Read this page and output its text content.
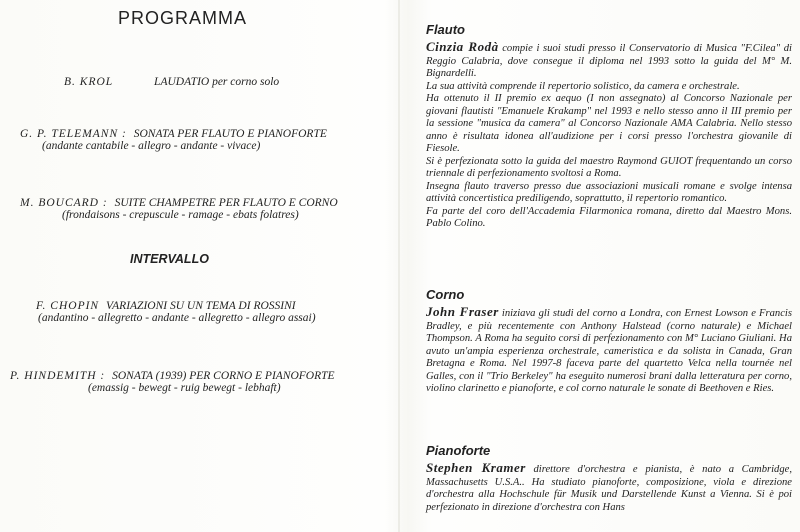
PROGRAMMA
B. KROL	LAUDATIO per corno solo
G. P. TELEMANN : SONATA PER FLAUTO E PIANOFORTE
(andante cantabile - allegro - andante - vivace)
M. BOUCARD : SUITE CHAMPETRE PER FLAUTO E CORNO
(frondaisons - crepuscule - ramage - ebats folatres)
INTERVALLO
F. CHOPIN VARIAZIONI SU UN TEMA DI ROSSINI
(andantino - allegretto - andante - allegretto - allegro assai)
P. HINDEMITH : SONATA (1939) PER CORNO E PIANOFORTE
(emassig - bewegt - ruig bewegt - lebhaft)
Flauto

Cinzia Rodà compie i suoi studi presso il Conservatorio di Musica "F.Cilea" di Reggio Calabria, dove consegue il diploma nel 1993 sotto la guida del M° M. Bignardelli.

La sua attività comprende il repertorio solistico, da camera e orchestrale.

Ha ottenuto il II premio ex aequo (I non assegnato) al Concorso Nazionale per giovani flautisti "Emanuele Krakamp" nel 1993 e nello stesso anno il III premio per la sessione "musica da camera" al Concorso Nazionale AMA Calabria. Nello stesso anno è risultata idonea all'audizione per i corsi presso l'orchestra giovanile di Fiesole.

Si è perfezionata sotto la guida del maestro Raymond GUIOT frequentando un corso triennale di perfezionamento svoltosi a Roma.

Insegna flauto traverso presso due associazioni musicali romane e svolge intensa attività concertistica prediligendo, soprattutto, il repertorio romantico.

Fa parte del coro dell'Accademia Filarmonica romana, diretto dal Maestro Mons. Pablo Colino.

Corno

John Fraser iniziava gli studi del corno a Londra, con Ernest Lowson e Francis Bradley, e più recentemente con Anthony Halstead (corno naturale) e Michael Thompson. A Roma ha seguito corsi di perfezionamento con M° Luciano Giuliani. Ha avuto un'ampia esperienza orchestrale, cameristica e da solista in Canada, Gran Bretagna e Roma. Nel 1997-8 faceva parte del quartetto Velca nella tournée nel Galles, con il "Trio Berkeley" ha eseguito numerosi brani dalla letteratura per corno, violino clarinetto e pianoforte, e col corno naturale le sonate di Beethoven e Ries.

Pianoforte

Stephen Kramer direttore d'orchestra e pianista, è nato a Cambridge, Massachusetts U.S.A.. Ha studiato pianoforte, composizione, viola e direzione d'orchestra alla Hochschule für Musik und Darstellende Kunst a Vienna. Si è poi perfezionato in direzione d'orchestra con Hans
